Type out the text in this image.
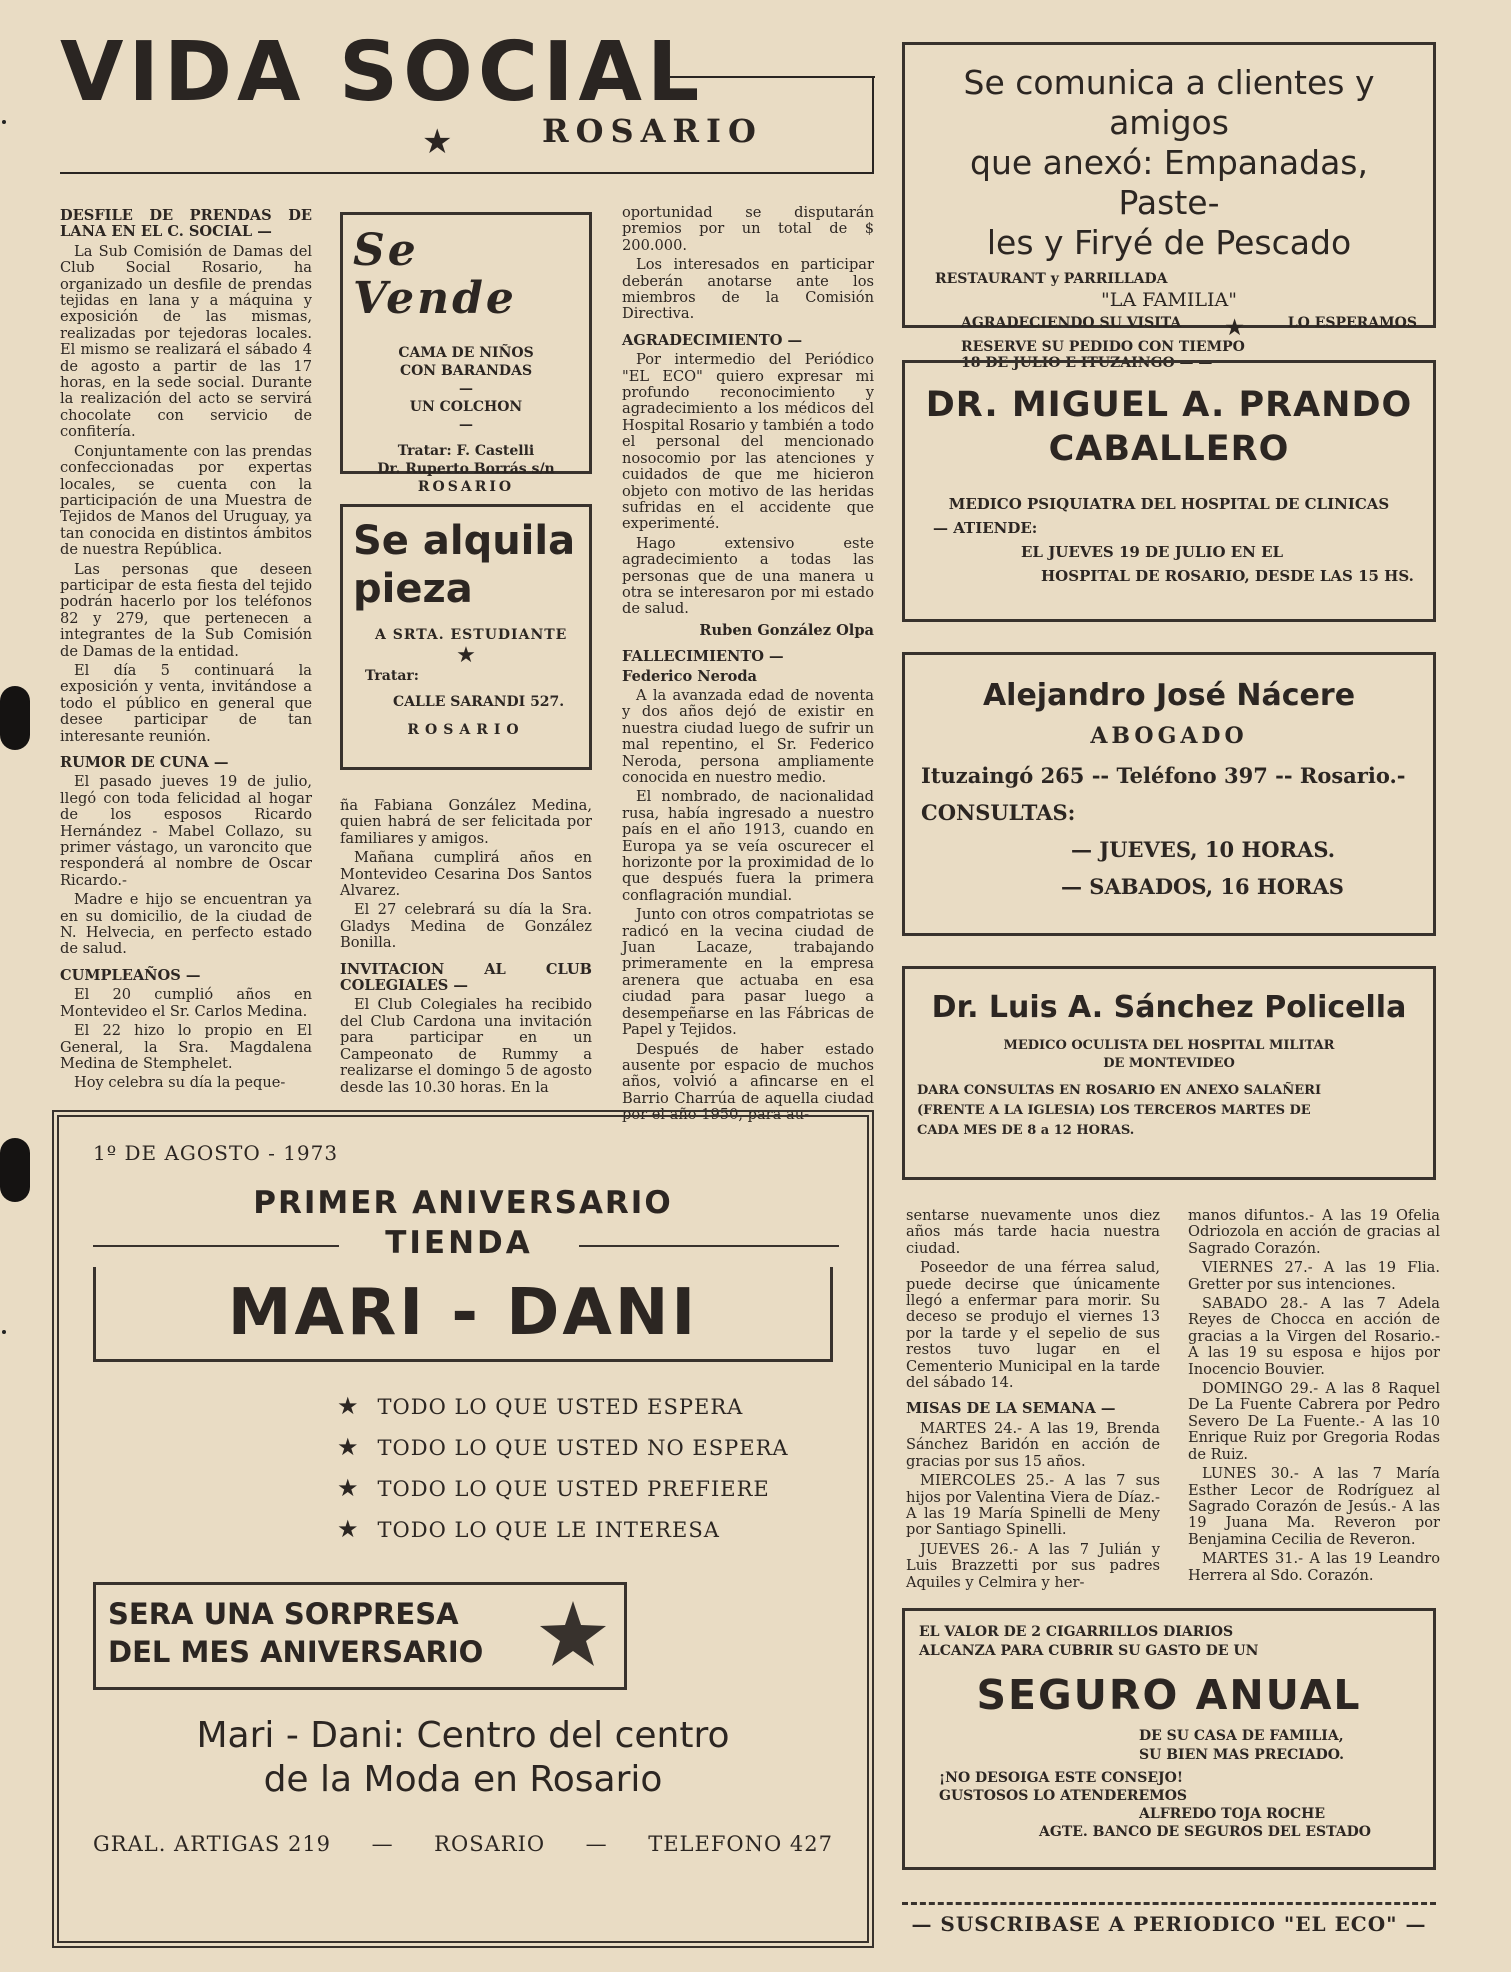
VIDA SOCIAL
★	ROSARIO

DESFILE DE PRENDAS DE LANA EN EL C. SOCIAL —

La Sub Comisión de Damas del Club Social Rosario, ha organizado un desfile de prendas tejidas en lana y a máquina y exposición de las mismas, realizadas por tejedoras locales. El mismo se realizará el sábado 4 de agosto a partir de las 17 horas, en la sede social. Durante la realización del acto se servirá chocolate con servicio de confitería.

Conjuntamente con las prendas confeccionadas por expertas locales, se cuenta con la participación de una Muestra de Tejidos de Manos del Uruguay, ya tan conocida en distintos ámbitos de nuestra República.

Las personas que deseen participar de esta fiesta del tejido podrán hacerlo por los teléfonos 82 y 279, que pertenecen a integrantes de la Sub Comisión de Damas de la entidad.

El día 5 continuará la exposición y venta, invitándose a todo el público en general que desee participar de tan interesante reunión.

RUMOR DE CUNA —

El pasado jueves 19 de julio, llegó con toda felicidad al hogar de los esposos Ricardo Hernández - Mabel Collazo, su primer vástago, un varoncito que responderá al nombre de Oscar Ricardo.-

Madre e hijo se encuentran ya en su domicilio, de la ciudad de N. Helvecia, en perfecto estado de salud.

CUMPLEAÑOS —

El 20 cumplió años en Montevideo el Sr. Carlos Medina.

El 22 hizo lo propio en El General, la Sra. Magdalena Medina de Stemphelet.

Hoy celebra su día la peque-

Se Vende
CAMA DE NIÑOS
CON BARANDAS
—
UN COLCHON
—
Tratar: F. Castelli
Dr. Ruperto Borrás s/n
ROSARIO
Se alquila
pieza
A SRTA. ESTUDIANTE
★
Tratar:
CALLE SARANDI 527.
ROSARIO

ña Fabiana González Medina, quien habrá de ser felicitada por familiares y amigos.

Mañana cumplirá años en Montevideo Cesarina Dos Santos Alvarez.

El 27 celebrará su día la Sra. Gladys Medina de González Bonilla.

INVITACION AL CLUB COLEGIALES —

El Club Colegiales ha recibido del Club Cardona una invitación para participar en un Campeonato de Rummy a realizarse el domingo 5 de agosto desde las 10.30 horas. En la

oportunidad se disputarán premios por un total de $ 200.000.

Los interesados en participar deberán anotarse ante los miembros de la Comisión Directiva.

AGRADECIMIENTO —

Por intermedio del Periódico "EL ECO" quiero expresar mi profundo reconocimiento y agradecimiento a los médicos del Hospital Rosario y también a todo el personal del mencionado nosocomio por las atenciones y cuidados de que me hicieron objeto con motivo de las heridas sufridas en el accidente que experimenté.

Hago extensivo este agradecimiento a todas las personas que de una manera u otra se interesaron por mi estado de salud.

Ruben González Olpa

FALLECIMIENTO —

Federico Neroda

A la avanzada edad de noventa y dos años dejó de existir en nuestra ciudad luego de sufrir un mal repentino, el Sr. Federico Neroda, persona ampliamente conocida en nuestro medio.

El nombrado, de nacionalidad rusa, había ingresado a nuestro país en el año 1913, cuando en Europa ya se veía oscurecer el horizonte por la proximidad de lo que después fuera la primera conflagración mundial.

Junto con otros compatriotas se radicó en la vecina ciudad de Juan Lacaze, trabajando primeramente en la empresa arenera que actuaba en esa ciudad para pasar luego a desempeñarse en las Fábricas de Papel y Tejidos.

Después de haber estado ausente por espacio de muchos años, volvió a afincarse en el Barrio Charrúa de aquella ciudad por el año 1950, para au-

Se comunica a clientes y amigos
que anexó: Empanadas, Paste-
les y Firyé de Pescado
RESTAURANT y PARRILLADA
"LA FAMILIA"
AGRADECIENDO SU VISITA ★	LO ESPERAMOS
RESERVE SU PEDIDO CON TIEMPO
18 DE JULIO E ITUZAINGO — —
DR. MIGUEL A. PRANDO
CABALLERO
MEDICO PSIQUIATRA DEL HOSPITAL DE CLINICAS
— ATIENDE:
EL JUEVES 19 DE JULIO EN EL
HOSPITAL DE ROSARIO, DESDE LAS 15 HS.
Alejandro José Nácere
ABOGADO
Ituzaingó 265 -- Teléfono 397 -- Rosario.-
CONSULTAS:
— JUEVES, 10 HORAS.
— SABADOS, 16 HORAS
Dr. Luis A. Sánchez Policella
MEDICO OCULISTA DEL HOSPITAL MILITAR
DE MONTEVIDEO
DARA CONSULTAS EN ROSARIO EN ANEXO SALAÑERI
(FRENTE A LA IGLESIA) LOS TERCEROS MARTES DE
CADA MES DE 8 a 12 HORAS.
1º DE AGOSTO - 1973
PRIMER ANIVERSARIO
TIENDA
MARI - DANI
★ TODO LO QUE USTED ESPERA
★ TODO LO QUE USTED NO ESPERA
★ TODO LO QUE USTED PREFIERE
★ TODO LO QUE LE INTERESA
SERA UNA SORPRESA
DEL MES ANIVERSARIO
Mari - Dani: Centro del centro
de la Moda en Rosario
GRAL. ARTIGAS 219 — ROSARIO — TELEFONO 427

sentarse nuevamente unos diez años más tarde hacia nuestra ciudad.

Poseedor de una férrea salud, puede decirse que únicamente llegó a enfermar para morir. Su deceso se produjo el viernes 13 por la tarde y el sepelio de sus restos tuvo lugar en el Cementerio Municipal en la tarde del sábado 14.

MISAS DE LA SEMANA —

MARTES 24.- A las 19, Brenda Sánchez Baridón en acción de gracias por sus 15 años.

MIERCOLES 25.- A las 7 sus hijos por Valentina Viera de Díaz.- A las 19 María Spinelli de Meny por Santiago Spinelli.

JUEVES 26.- A las 7 Julián y Luis Brazzetti por sus padres Aquiles y Celmira y her-

manos difuntos.- A las 19 Ofelia Odriozola en acción de gracias al Sagrado Corazón.

VIERNES 27.- A las 19 Flia. Gretter por sus intenciones.

SABADO 28.- A las 7 Adela Reyes de Chocca en acción de gracias a la Virgen del Rosario.- A las 19 su esposa e hijos por Inocencio Bouvier.

DOMINGO 29.- A las 8 Raquel De La Fuente Cabrera por Pedro Severo De La Fuente.- A las 10 Enrique Ruiz por Gregoria Rodas de Ruiz.

LUNES 30.- A las 7 María Esther Lecor de Rodríguez al Sagrado Corazón de Jesús.- A las 19 Juana Ma. Reveron por Benjamina Cecilia de Reveron.

MARTES 31.- A las 19 Leandro Herrera al Sdo. Corazón.

EL VALOR DE 2 CIGARRILLOS DIARIOS
ALCANZA PARA CUBRIR SU GASTO DE UN
SEGURO ANUAL
DE SU CASA DE FAMILIA,
SU BIEN MAS PRECIADO.
¡NO DESOIGA ESTE CONSEJO!
GUSTOSOS LO ATENDEREMOS
ALFREDO TOJA ROCHE
AGTE. BANCO DE SEGUROS DEL ESTADO
— SUSCRIBASE A PERIODICO "EL ECO" —
